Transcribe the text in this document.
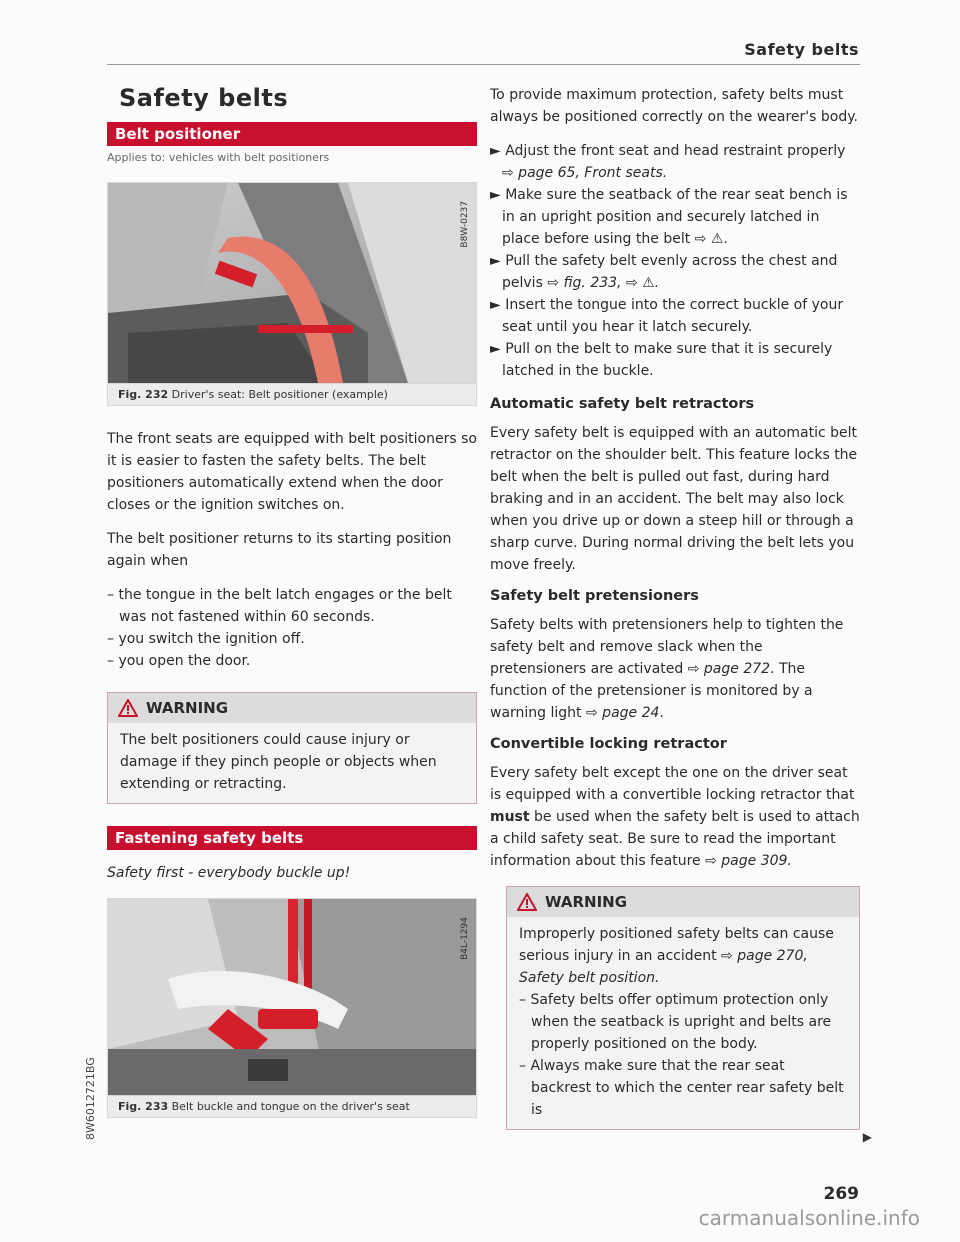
Safety belts
8W6012721BG
Safety belts
Belt positioner
Applies to: vehicles with belt positioners
B8W-0237
Fig. 232 Driver's seat: Belt positioner (example)

The front seats are equipped with belt positioners so it is easier to fasten the safety belts. The belt positioners automatically extend when the door closes or the ignition switches on.

The belt positioner returns to its starting position again when

– the tongue in the belt latch engages or the belt was not fastened within 60 seconds.
– you switch the ignition off.
– you open the door.
WARNING
The belt positioners could cause injury or damage if they pinch people or objects when extending or retracting.
Fastening safety belts

Safety first - everybody buckle up!

B4L-1294
Fig. 233 Belt buckle and tongue on the driver's seat

To provide maximum protection, safety belts must always be positioned correctly on the wearer's body.

► Adjust the front seat and head restraint properly ⇨ page 65, Front seats.
► Make sure the seatback of the rear seat bench is in an upright position and securely latched in place before using the belt ⇨ ⚠.
► Pull the safety belt evenly across the chest and pelvis ⇨ fig. 233, ⇨ ⚠.
► Insert the tongue into the correct buckle of your seat until you hear it latch securely.
► Pull on the belt to make sure that it is securely latched in the buckle.
Automatic safety belt retractors

Every safety belt is equipped with an automatic belt retractor on the shoulder belt. This feature locks the belt when the belt is pulled out fast, during hard braking and in an accident. The belt may also lock when you drive up or down a steep hill or through a sharp curve. During normal driving the belt lets you move freely.

Safety belt pretensioners

Safety belts with pretensioners help to tighten the safety belt and remove slack when the pretensioners are activated ⇨ page 272. The function of the pretensioner is monitored by a warning light ⇨ page 24.

Convertible locking retractor

Every safety belt except the one on the driver seat is equipped with a convertible locking retractor that must be used when the safety belt is used to attach a child safety seat. Be sure to read the important information about this feature ⇨ page 309.

WARNING
Improperly positioned safety belts can cause serious injury in an accident ⇨ page 270, Safety belt position.
– Safety belts offer optimum protection only when the seatback is upright and belts are properly positioned on the body.
– Always make sure that the rear seat backrest to which the center rear safety belt is
▶
269
carmanualsonline.info
